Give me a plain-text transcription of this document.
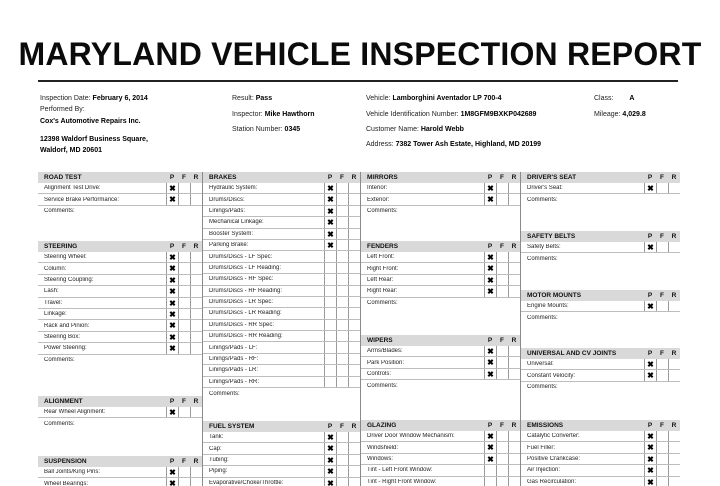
MARYLAND VEHICLE INSPECTION REPORT
Inspection Date: February 6, 2014
Performed By:
Cox's Automotive Repairs Inc.
12398 Waldorf Business Square,
Waldorf, MD 20601
Result: Pass
Inspector: Mike Hawthorn
Station Number: 0345
Vehicle: Lamborghini Aventador LP 700-4
Vehicle Identification Number: 1M8GFM9BXKP042689
Customer Name: Harold Webb
Address: 7382 Tower Ash Estate, Highland, MD 20199
Class: A
Mileage: 4,029.8
ROAD TEST	P	F	R
Alignment Test Drive:	✖
Service Brake Performance:	✖
Comments:
STEERING	P	F	R
Steering Wheel:	✖
Column:	✖
Steering Coupling:	✖
Lash:	✖
Travel:	✖
Linkage:	✖
Rack and Pinion:	✖
Steering Box:	✖
Power Steering:	✖
Comments:
ALIGNMENT	P	F	R
Rear Wheel Alignment:	✖
Comments:
SUSPENSION	P	F	R
Ball Joints/King Pins:	✖
Wheel Bearings:	✖
BRAKES	P	F	R
Hydraulic System:	✖
Drums/Discs:	✖
Linings/Pads:	✖
Mechanical Linkage:	✖
Booster System:	✖
Parking Brake:	✖
Drums/Discs - LF Spec:
Drums/Discs - LF Reading:
Drums/Discs - RF Spec:
Drums/Discs - RF Reading:
Drums/Discs - LR Spec:
Drums/Discs - LR Reading:
Drums/Discs - RR Spec:
Drums/Discs - RR Reading:
Linings/Pads - LF:
Linings/Pads - RF:
Linings/Pads - LR:
Linings/Pads - RR:
Comments:
FUEL SYSTEM	P	F	R
Tank:	✖
Cap:	✖
Tubing:	✖
Piping:	✖
Evaporative/Choke/Throttle:	✖
MIRRORS	P	F	R
Interior:	✖
Exterior:	✖
Comments:
FENDERS	P	F	R
Left Front:	✖
Right Front:	✖
Left Rear:	✖
Right Rear:	✖
Comments:
WIPERS	P	F	R
Arms/Blades:	✖
Park Position:	✖
Controls:	✖
Comments:
GLAZING	P	F	R
Driver Door Window Mechanism:	✖
Windshield:	✖
Windows:	✖
Tint - Left Front Window:
Tint - Right Front Window:
DRIVER'S SEAT	P	F	R
Driver's Seat:	✖
Comments:
SAFETY BELTS	P	F	R
Safety Belts:	✖
Comments:
MOTOR MOUNTS	P	F	R
Engine Mounts:	✖
Comments:
UNIVERSAL AND CV JOINTS	P	F	R
Universal:	✖
Constant Velocity:	✖
Comments:
EMISSIONS	P	F	R
Catalytic Converter:	✖
Fuel Filler:	✖
Positive Crankcase:	✖
Air Injection:	✖
Gas Recirculation:	✖
